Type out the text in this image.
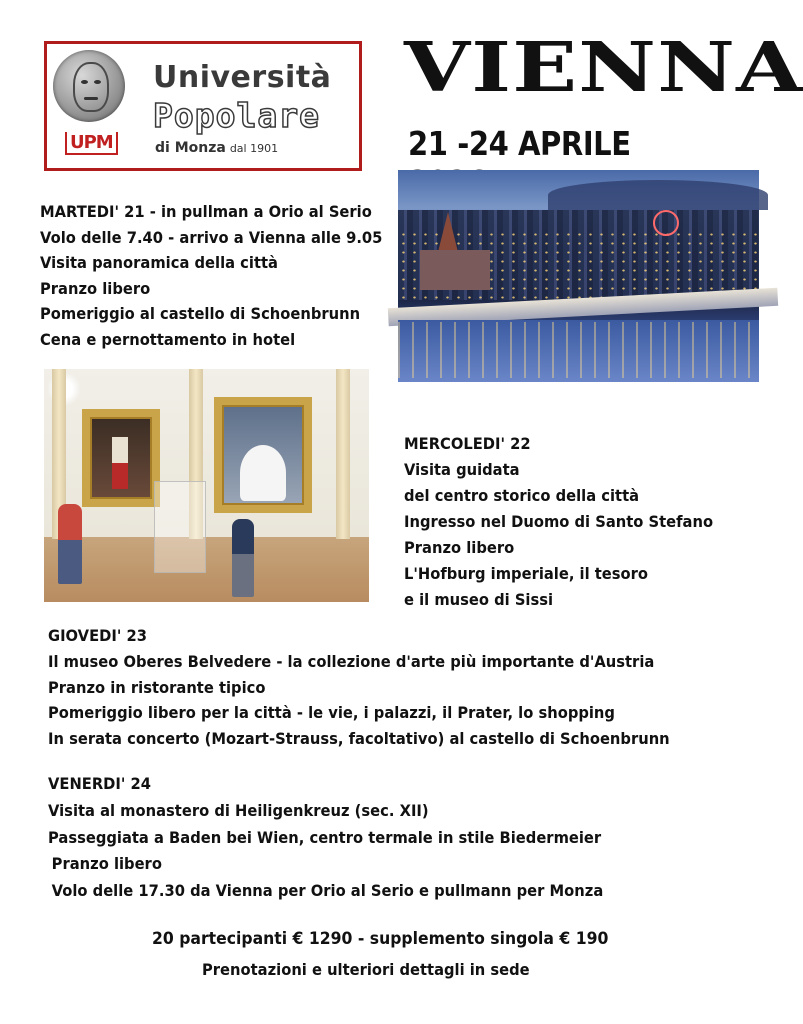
UPM
Università
Popolare
di Monza dal 1901
VIENNA
21 -24 APRILE
MARTEDI' 21 - in pullman a Orio al Serio
Volo delle 7.40 - arrivo a Vienna alle 9.05
Visita panoramica della città
Pranzo libero
Pomeriggio al castello di Schoenbrunn
Cena e pernottamento in hotel
MERCOLEDI' 22
Visita guidata
del centro storico della città
Ingresso nel Duomo di Santo Stefano
Pranzo libero
L'Hofburg imperiale, il tesoro
e il museo di Sissi
GIOVEDI' 23
Il museo Oberes Belvedere - la collezione d'arte più importante d'Austria
Pranzo in ristorante tipico
Pomeriggio libero per la città - le vie, i palazzi, il Prater, lo shopping
In serata concerto (Mozart-Strauss, facoltativo) al castello di Schoenbrunn
VENERDI' 24
Visita al monastero di Heiligenkreuz (sec. XII)
Passeggiata a Baden bei Wien, centro termale in stile Biedermeier
Pranzo libero
Volo delle 17.30 da Vienna per Orio al Serio e pullmann per Monza
20 partecipanti € 1290 - supplemento singola € 190
Prenotazioni e ulteriori dettagli in sede
